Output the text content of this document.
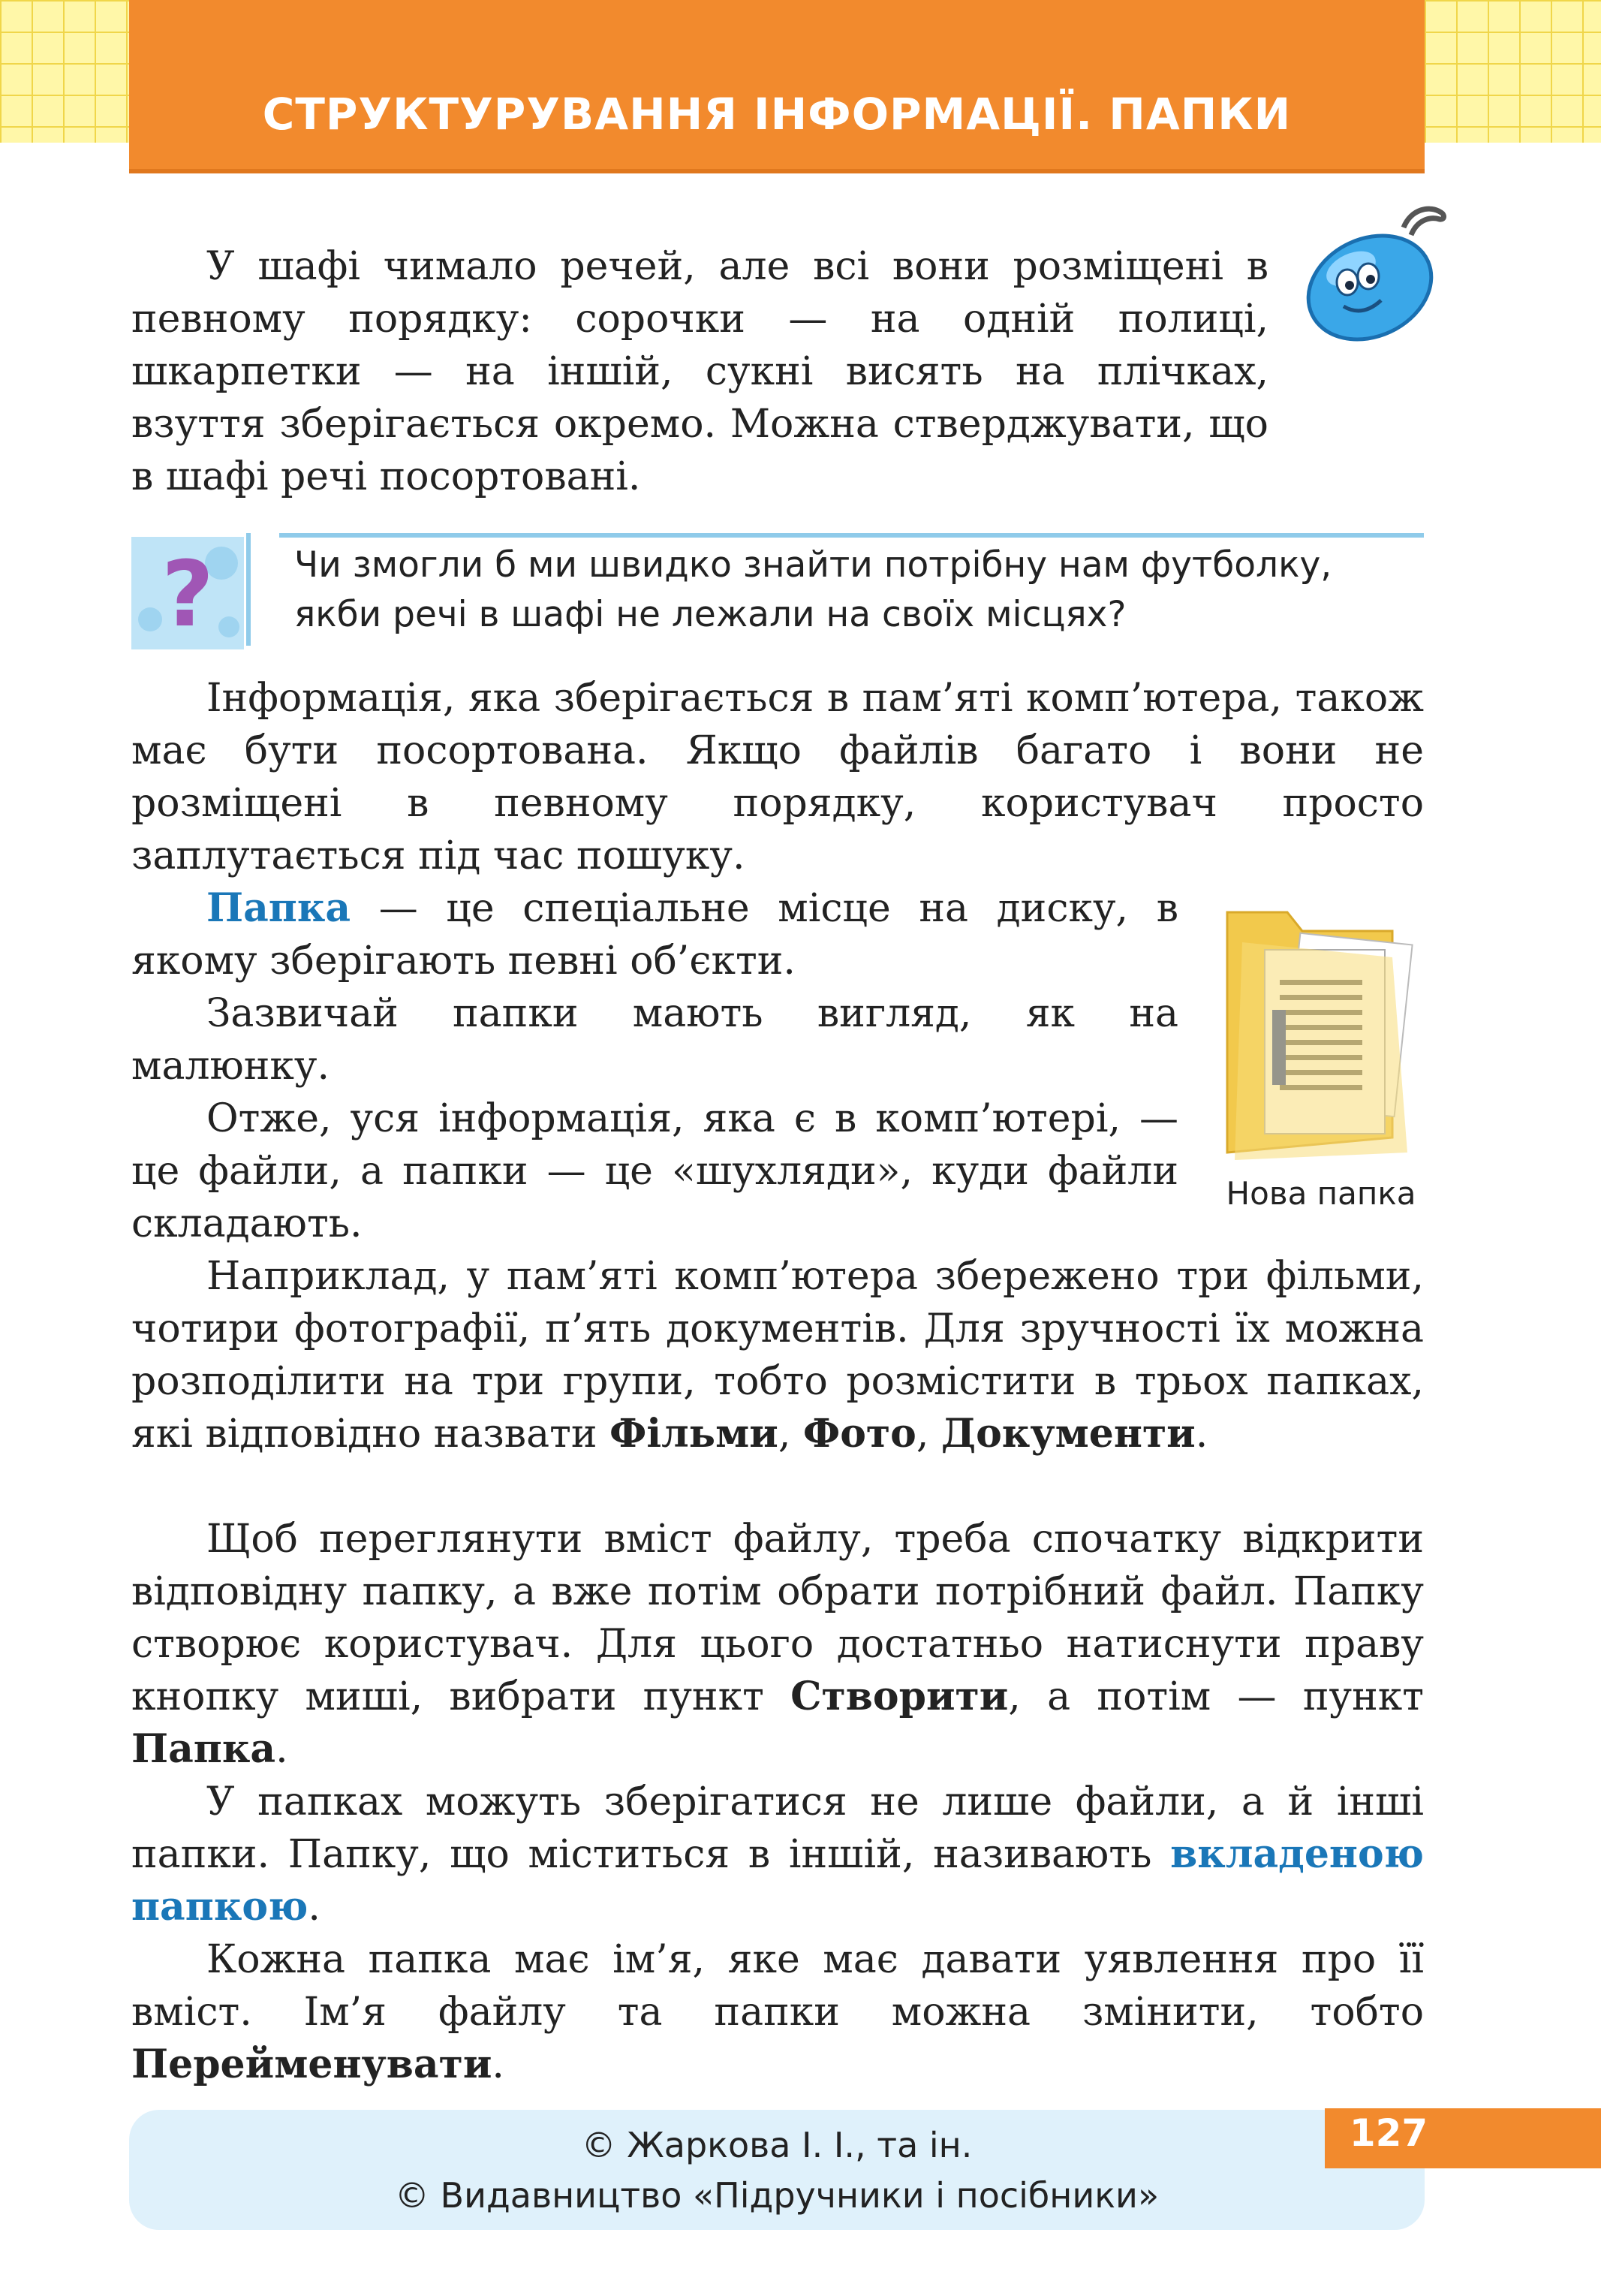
СТРУКТУРУВАННЯ ІНФОРМАЦІЇ. ПАПКИ

У шафі чимало речей, але всі вони розміщені в певному порядку: сорочки — на одній полиці, шкарпетки — на іншій, сукні висять на плічках, взуття зберігається окремо. Можна стверджувати, що в шафі речі посортовані.

? Чи змогли б ми швидко знайти потрібну нам футболку, якби речі в шафі не лежали на своїх місцях?

Інформація, яка зберігається в пам’яті комп’ютера, також має бути посортована. Якщо файлів багато і вони не розміщені в певному порядку, користувач просто заплутається під час пошуку.

Папка — це спеціальне місце на диску, в якому зберігають певні об’єкти.

Зазвичай папки мають вигляд, як на малюнку.

Отже, уся інформація, яка є в комп’ютері, — це файли, а папки — це «шухляди», куди файли складають.

Нова папка

Наприклад, у пам’яті комп’ютера збережено три фільми, чотири фотографії, п’ять документів. Для зручності їх можна розподілити на три групи, тобто розмістити в трьох папках, які відповідно назвати Фільми, Фото, Документи.

Щоб переглянути вміст файлу, треба спочатку відкрити відповідну папку, а вже потім обрати потрібний файл. Папку створює користувач. Для цього достатньо натиснути праву кнопку миші, вибрати пункт Створити, а потім — пункт Папка.

У папках можуть зберігатися не лише файли, а й інші папки. Папку, що міститься в іншій, називають вкладеною папкою.

Кожна папка має ім’я, яке має давати уявлення про її вміст. Ім’я файлу та папки можна змінити, тобто Перейменувати.

© Жаркова І. І., та ін.
© Видавництво «Підручники і посібники»
127
